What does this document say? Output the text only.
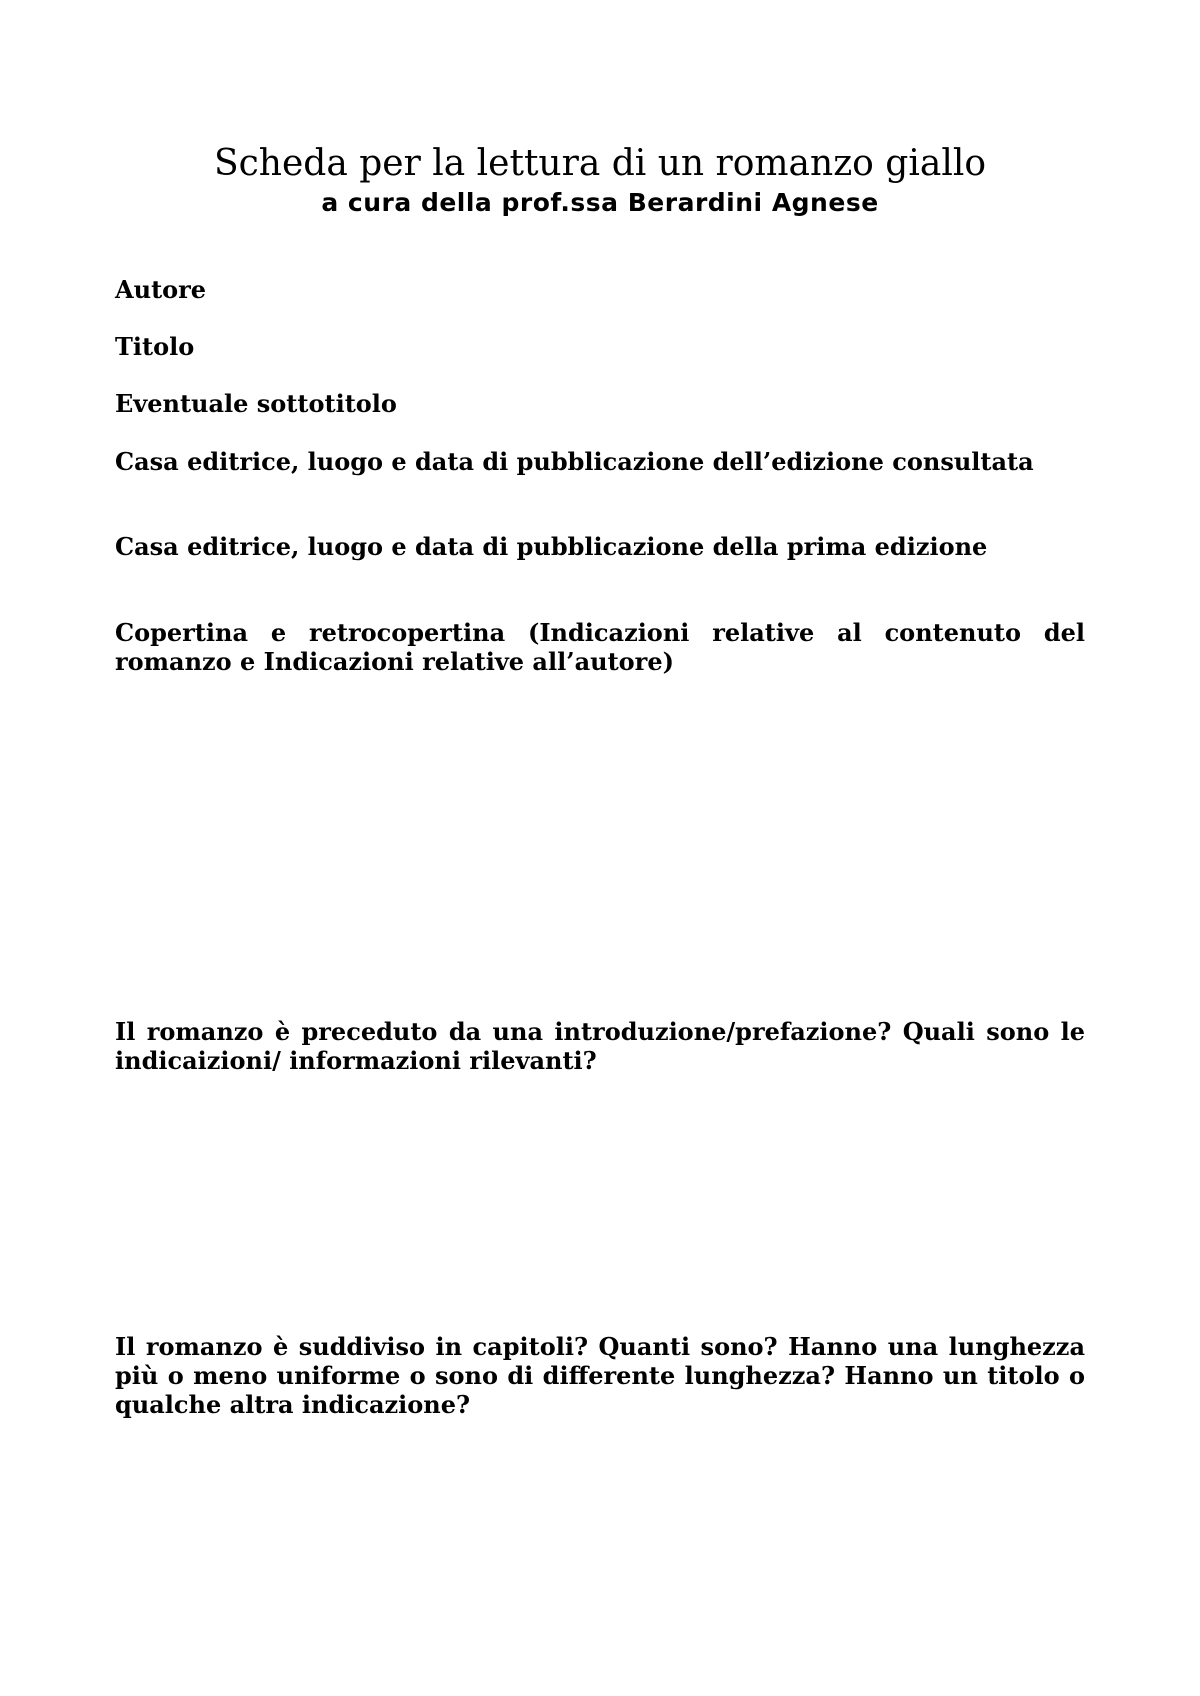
Scheda per la lettura di un romanzo giallo
a cura della prof.ssa Berardini Agnese

Autore

Titolo

Eventuale sottotitolo

Casa editrice, luogo e data di pubblicazione dell’edizione consultata

Casa editrice, luogo e data di pubblicazione della prima edizione

Copertina e retrocopertina (Indicazioni relative al contenuto del romanzo e Indicazioni relative all’autore)

Il romanzo è preceduto da una introduzione/prefazione? Quali sono le indicaizioni/ informazioni rilevanti?

Il romanzo è suddiviso in capitoli? Quanti sono? Hanno una lunghezza più o meno uniforme o sono di differente lunghezza? Hanno un titolo o qualche altra indicazione?
